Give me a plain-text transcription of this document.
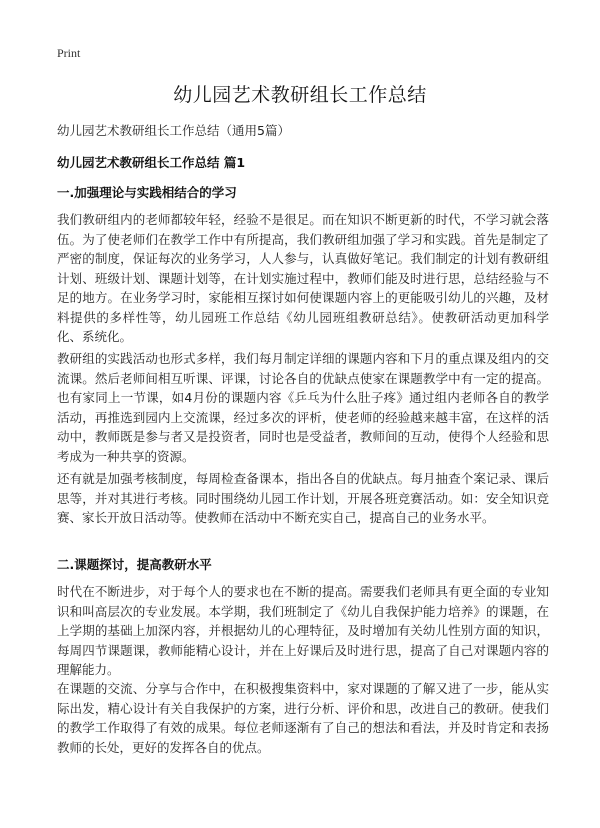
Print
幼儿园艺术教研组长工作总结
幼儿园艺术教研组长工作总结（通用5篇）
幼儿园艺术教研组长工作总结 篇1
一.加强理论与实践相结合的学习

我们教研组内的老师都较年轻，经验不是很足。而在知识不断更新的时代，不学习就会落伍。为了使老师们在教学工作中有所提高，我们教研组加强了学习和实践。首先是制定了严密的制度，保证每次的业务学习，人人参与，认真做好笔记。我们制定的计划有教研组计划、班级计划、课题计划等，在计划实施过程中，教师们能及时进行思，总结经验与不足的地方。在业务学习时，家能相互探讨如何使课题内容上的更能吸引幼儿的兴趣，及材料提供的多样性等，幼儿园班工作总结《幼儿园班组教研总结》。使教研活动更加科学化、系统化。

教研组的实践活动也形式多样，我们每月制定详细的课题内容和下月的重点课及组内的交流课。然后老师间相互听课、评课，讨论各自的优缺点使家在课题教学中有一定的提高。也有家同上一节课，如4月份的课题内容《乒乓为什么肚子疼》通过组内老师各自的教学活动，再推选到园内上交流课，经过多次的评析，使老师的经验越来越丰富，在这样的活动中，教师既是参与者又是投资者，同时也是受益者，教师间的互动，使得个人经验和思考成为一种共享的资源。

还有就是加强考核制度，每周检查备课本，指出各自的优缺点。每月抽查个案记录、课后思等，并对其进行考核。同时围绕幼儿园工作计划，开展各班竞赛活动。如：安全知识竞赛、家长开放日活动等。使教师在活动中不断充实自己，提高自己的业务水平。

二.课题探讨，提高教研水平

时代在不断进步，对于每个人的要求也在不断的提高。需要我们老师具有更全面的专业知识和叫高层次的专业发展。本学期，我们班制定了《幼儿自我保护能力培养》的课题，在上学期的基础上加深内容，并根据幼儿的心理特征，及时增加有关幼儿性别方面的知识，每周四节课题课，教师能精心设计，并在上好课后及时进行思，提高了自己对课题内容的理解能力。

在课题的交流、分享与合作中，在积极搜集资料中，家对课题的了解又进了一步，能从实际出发，精心设计有关自我保护的方案，进行分析、评价和思，改进自己的教研。使我们的教学工作取得了有效的成果。每位老师逐渐有了自己的想法和看法，并及时肯定和表扬教师的长处，更好的发挥各自的优点。
